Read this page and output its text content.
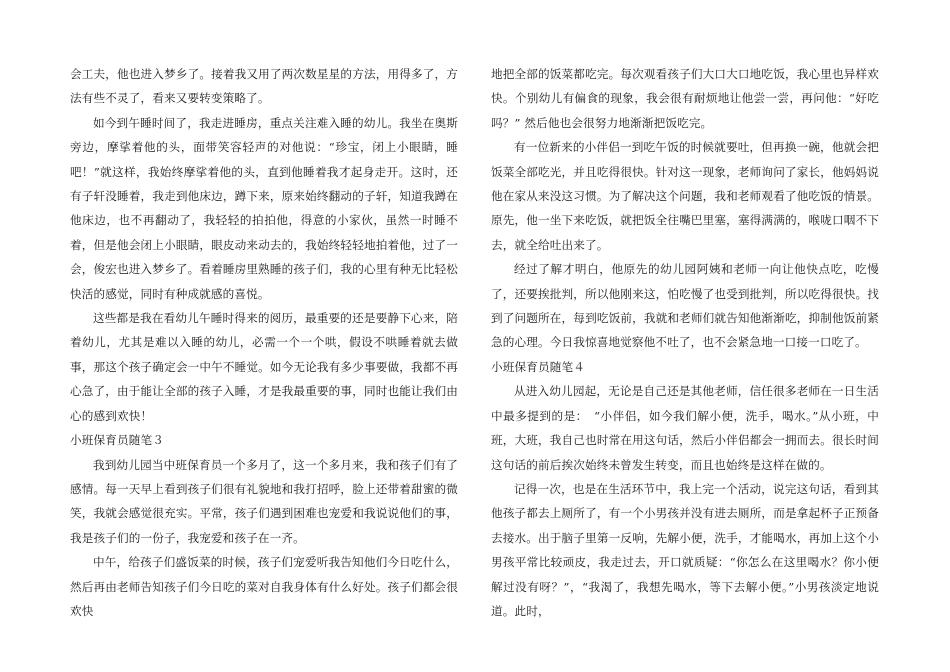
会工夫，他也进入梦乡了。接着我又用了两次数星星的方法，用得多了，方法有些不灵了，看来又要转变策略了。

如今到午睡时间了，我走进睡房，重点关注难入睡的幼儿。我坐在奥斯旁边，摩挲着他的头，面带笑容轻声的对他说：“珍宝，闭上小眼睛，睡吧！”就这样，我始终摩挲着他的头，直到他睡着我才起身走开。这时，还有子轩没睡着，我走到他床边，蹲下来，原来始终翻动的子轩，知道我蹲在他床边，也不再翻动了，我轻轻的拍拍他，得意的小家伙，虽然一时睡不着，但是他会闭上小眼睛，眼皮动来动去的，我始终轻轻地拍着他，过了一会，俊宏也进入梦乡了。看着睡房里熟睡的孩子们，我的心里有种无比轻松快活的感觉，同时有种成就感的喜悦。

这些都是我在看幼儿午睡时得来的阅历，最重要的还是要静下心来，陪着幼儿，尤其是难以入睡的幼儿，必需一个一个哄，假设不哄睡着就去做事，那这个孩子确定会一中午不睡觉。如今无论我有多少事要做，我都不再心急了，由于能让全部的孩子入睡，才是我最重要的事，同时也能让我们由心的感到欢快！

小班保育员随笔３

我到幼儿园当中班保育员一个多月了，这一个多月来，我和孩子们有了感情。每一天早上看到孩子们很有礼貌地和我打招呼，脸上还带着甜蜜的微笑，我就会感觉很充实。平常，孩子们遇到困难也宠爱和我说说他们的事，我是孩子们的一份子，我宠爱和孩子在一齐。

中午，给孩子们盛饭菜的时候，孩子们宠爱听我告知他们今日吃什么，然后再由老师告知孩子们今日吃的菜对自我身体有什么好处。孩子们都会很欢快

地把全部的饭菜都吃完。每次观看孩子们大口大口地吃饭，我心里也异样欢快。个别幼儿有偏食的现象，我会很有耐烦地让他尝一尝，再问他：“好吃吗？” 然后他也会很努力地渐渐把饭吃完。

有一位新来的小伴侣一到吃午饭的时候就要吐，但再换一碗，他就会把饭菜全部吃光，并且吃得很快。针对这一现象，老师询问了家长，他妈妈说他在家从来没这习惯。为了解决这个问题，我和老师观看了他吃饭的情景。原先，他一坐下来吃饭，就把饭全往嘴巴里塞，塞得满满的，喉咙口咽不下去，就全给吐出来了。

经过了解才明白，他原先的幼儿园阿姨和老师一向让他快点吃，吃慢了，还要挨批判，所以他刚来这，怕吃慢了也受到批判，所以吃得很快。找到了问题所在，每到吃饭前，我就和老师们就告知他渐渐吃，抑制他饭前紧急的心理。今日我惊喜地觉察他不吐了，也不会紧急地一口接一口吃了。

小班保育员随笔４

从进入幼儿园起，无论是自己还是其他老师，信任很多老师在一日生活中最多提到的是：　“小伴侣，如今我们解小便，洗手，喝水。”从小班，中班，大班，我自己也时常在用这句话，然后小伴侣都会一拥而去。很长时间这句话的前后挨次始终未曾发生转变，而且也始终是这样在做的。

记得一次，也是在生活环节中，我上完一个活动，说完这句话，看到其他孩子都去上厕所了，有一个小男孩并没有进去厕所，而是拿起杯子正预备去接水。出于脑子里第一反响，先解小便，洗手，才能喝水，再加上这个小男孩平常比较顽皮，我走过去，开口就质疑：“你怎么在这里喝水？你小便解过没有呀？”，“我渴了，我想先喝水，等下去解小便。”小男孩淡定地说道。此时，
